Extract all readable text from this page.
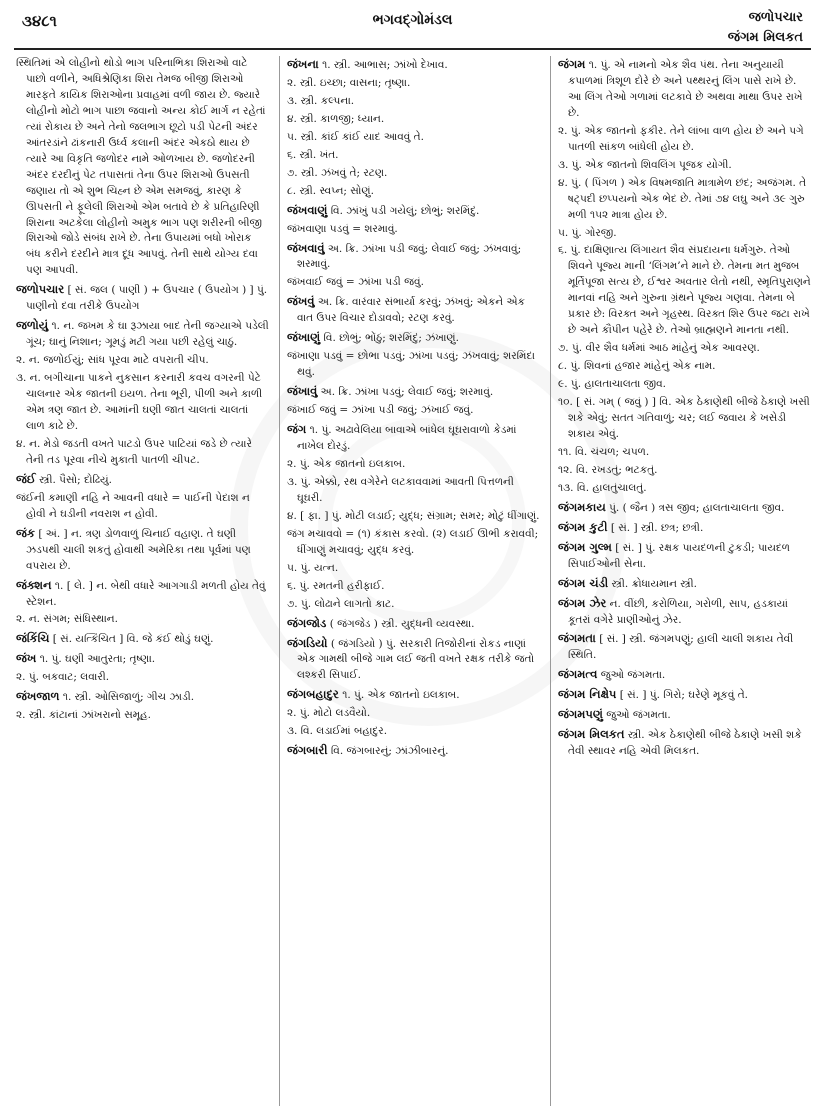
૩૪૮૧	ભગવદ્ગોમંડલ	જળોપચાર
જંગમ મિલકત
સ્થિતિમાં એ લોહીનો થોડો ભાગ પરિનાભિકા શિરાઓ વાટે પાછો વળીને, અધિશ્રેણિકા શિરા તેમજ બીજી શિરાઓ મારફતે કાયિક શિરાઓના પ્રવાહમાં વળી જાય છે. જ્યારે લોહીનો મોટો ભાગ પાછા જવાનો અન્ય કોઈ માર્ગ ન રહેતાં ત્યાં રોકાય છે અને તેનો જલભાગ છૂટો પડી પેટની અંદર આંતરડાંને ઢાંકનારી ઉર્ધ્વ કલાની અંદર એકઠો થાય છે ત્યારે આ વિકૃતિ જળોદર નામે ઓળખાય છે. જળોદરની અંદર દરદીનું પેટ તપાસતાં તેના ઉપર શિરાઓ ઉપસતી જણાય તો એ શુભ ચિહ્ન છે એમ સમજવું, કારણ કે ઊપસતી ને ફૂલેલી શિરાઓ એમ બતાવે છે કે પ્રતિહારિણી શિરાના અટકેલા લોહીનો અમુક ભાગ પણ શરીરની બીજી શિરાઓ જોડે સંબંધ રાખે છે. તેના ઉપાયમાં બધો ખોરાક બંધ કરીને દરદીને માત્ર દૂધ આપવું. તેની સાથે યોગ્ય દવા પણ આપવી.
જળોપચાર [ સં. જલ ( પાણી ) + ઉપચાર ( ઉપયોગ ) ] પું. પાણીનો દવા તરીકે ઉપયોગ
જળોયું ૧. ન. જખમ કે ઘા રૂઝાયા બાદ તેની જગ્યાએ પડેલી ગૂંચ; ઘાનું નિશાન; ગૂમડું મટી ગયા પછી રહેલું ચાઠું.
૨. ન. જળોઈયું; સાંધ પૂરવા માટે વપરાતી ચીપ.
૩. ન. બગીચાના પાકને નુકસાન કરનારી કવચ વગરની પેટે ચાલનાર એક જાતની ઇયળ. તેના ભૂરી, પીળી અને કાળી એમ ત્રણ જાત છે. આમાંની ઘણી જાત ચાલતાં ચાલતાં લાળ કાઢે છે.
૪. ન. મેડો જડતી વખતે પાટડો ઉપર પાટિયાં જડે છે ત્યારે તેની તડ પૂરવા નીચે મુકાતી પાતળી ચીપટ.
જંઈ સ્ત્રી. પૈસો; દોઢિયું.
જંઈની કમાણી નહિ ને આવની વધારે = પાઈની પેદાશ ન હોવી ને ઘડીની નવરાશ ન હોવી.
જંક [ અં. ] ન. ત્રણ ડોળવાળું ચિનાઈ વહાણ. તે ઘણી ઝડપથી ચાલી શકતું હોવાથી અમેરિકા તથા પૂર્વમાં પણ વપરાય છે.
જંક્શન ૧. [ લે. ] ન. બેથી વધારે આગગાડી મળતી હોય તેવું સ્ટેશન.
૨. ન. સંગમ; સંધિસ્થાન.
જંકિંચિ [ સં. યત્કિંચિત ] વિ. જે કંઈ થોડું ઘણું.
જંખ ૧. પું. ઘણી આતુરતા; તૃષ્ણા.
૨. પું. બકવાટ; લવારી.
જંખજાળ ૧. સ્ત્રી. ઓસિજાળું; ગીચ ઝાડી.
૨. સ્ત્રી. કાંટાનાં ઝાંખરાનો સમૂહ.
જંખના ૧. સ્ત્રી. આભાસ; ઝાંખો દેખાવ.
૨. સ્ત્રી. ઇચ્છા; વાસના; તૃષ્ણા.
૩. સ્ત્રી. કલ્પના.
૪. સ્ત્રી. કાળજી; ધ્યાન.
૫. સ્ત્રી. કાંઈ કાંઈ યાદ આવવું તે.
૬. સ્ત્રી. ખંત.
૭. સ્ત્રી. ઝંખવું તે; રટણ.
૮. સ્ત્રી. સ્વપ્ન; સોણું.
જંખવાણું વિ. ઝાંખું પડી ગયેલું; છોભું; શરમિંદું.
જંખવાણા પડવું = શરમાવું.
જંખવાવું અ. ક્રિ. ઝાંખા પડી જવું; લેવાઈ જવું; ઝંખવાવું; શરમાવું.
જંખવાઈ જવું = ઝાંખા પડી જવું.
જંખવું અ. ક્રિ. વારંવાર સંભાર્યા કરવું; ઝંખવું; એકને એક વાત ઉપર વિચાર દોડાવવો; રટણ કરવું.
જંખાણું વિ. છોભું; ભોંઠું; શરમિંદું; ઝંખાણું.
જંખાણા પડવું = છોભા પડવું; ઝાંખા પડવું; ઝંખવાવું; શરમિંદા થવું.
જંખાવું અ. ક્રિ. ઝાંખા પડવું; લેવાઈ જવું; શરમાવું.
જંખાઈ જવું = ઝાંખા પડી જવું; ઝંખાઈ જવું.
જંગ ૧. પું. અઢાવેલિયા બાવાએ બાંધેલ ઘૂઘરાવાળો કેડમાં નાખેલ દોરડું.
૨. પું. એક જાતનો ઇલકાબ.
૩. પું. એક્કો, રથ વગેરેને લટકાવવામાં આવતી પિત્તળની ઘૂઘરી.
૪. [ ફા. ] પું. મોટી લડાઈ; યુદ્ધ; સંગ્રામ; સમર; મોટું ધીંગાણું.
જંગ મચાવવો = (૧) કંકાસ કરવો. (૨) લડાઈ ઊભી કરાવવી; ધીંગાણું મચાવવું; યુદ્ધ કરવું.
૫. પું. યત્ન.
૬. પું. રમતની હરીફાઈ.
૭. પું. લોઢાને લાગતો કાટ.
જંગજોડ ( જંગજેડ ) સ્ત્રી. યુદ્ધની વ્યવસ્થા.
જંગડિયો ( જંગડિયો ) પું. સરકારી તિજોરીનાં રોકડ નાણાં એક ગામથી બીજે ગામ લઈ જતી વખતે રક્ષક તરીકે જતો લશ્કરી સિપાઈ.
જંગબહાદુર ૧. પું. એક જાતનો ઇલકાબ.
૨. પું. મોટો લડવૈયો.
૩. વિ. લડાઈમાં બહાદુર.
જંગબારી વિ. જંગબારનું; ઝાંઝીબારનું.
જંગમ ૧. પું. એ નામનો એક શૈવ પંથ. તેના અનુયાયી કપાળમાં ત્રિશૂળ દોરે છે અને પથ્થરનું લિંગ પાસે રાખે છે. આ લિંગ તેઓ ગળામાં લટકાવે છે અથવા માથા ઉપર રાખે છે.
૨. પું. એક જાતનો ફકીર. તેને લાંબા વાળ હોય છે અને પગે પાતળી સાંકળ બાંધેલી હોય છે.
૩. પું. એક જાતનો શિવલિંગ પૂજક યોગી.
૪. પું. ( પિંગળ ) એક વિષમજાતિ માત્રામેળ છંદ; અજંગમ. તે ષટ્પદી છપ્પયનો એક ભેદ છે. તેમાં ૭૪ લઘુ અને ૩૯ ગુરુ મળી ૧૫૨ માત્રા હોય છે.
૫. પું. ગોરજી.
૬. પું. દાક્ષિણાત્ય લિંગાયત શૈવ સંપ્રદાયના ધર્મગુરુ. તેઓ શિવને પૂજ્ય માની ‘લિંગમ’ને માને છે. તેમના મત મુજબ મૂર્તિપૂજા સત્ય છે, ઈશ્વર અવતાર લેતો નથી, સ્મૃતિપુરાણને માનવાં નહિ અને ગુરુના ગ્રંથને પૂજ્ય ગણવા. તેમના બે પ્રકાર છે: વિરક્ત અને ગૃહસ્થ. વિરક્ત શિર ઉપર જટા રાખે છે અને કૌપીન પહેરે છે. તેઓ બ્રાહ્મણને માનતા નથી.
૭. પું. વીર શૈવ ધર્મમાં આઠ માંહેનું એક આવરણ.
૮. પું. શિવનાં હજાર માંહેનું એક નામ.
૯. પું. હાલતાચાલતા જીવ.
૧૦. [ સં. ગમ્ ( જવું ) ] વિ. એક ઠેકાણેથી બીજે ઠેકાણે ખસી શકે એવું; સતત ગતિવાળું; ચર; લઈ જવાય કે ખસેડી શકાય એવું.
૧૧. વિ. ચંચળ; ચપળ.
૧૨. વિ. રખડતું; ભટકતું.
૧૩. વિ. હાલતુંચાલતું.
જંગમકાય પું. ( જૈન ) ત્રસ જીવ; હાલતાચાલતા જીવ.
જંગમ કુટી [ સં. ] સ્ત્રી. છત્ર; છત્રી.
જંગમ ગુલ્મ [ સં. ] પું. રક્ષક પાયદળની ટુકડી; પાયદળ સિપાઈઓની સેના.
જંગમ ચંડી સ્ત્રી. ક્રોધાયમાન સ્ત્રી.
જંગમ ઝેર ન. વીંછી, કરોળિયા, ગરોળી, સાપ, હડકાયાં કૂતરાં વગેરે પ્રાણીઓનું ઝેર.
જંગમતા [ સં. ] સ્ત્રી. જંગમપણું; હાલી ચાલી શકાય તેવી સ્થિતિ.
જંગમત્વ જુઓ જંગમતા.
જંગમ નિક્ષેપ [ સં. ] પું. ગિરો; ઘરેણે મૂકવું તે.
જંગમપણું જુઓ જંગમતા.
જંગમ મિલકત સ્ત્રી. એક ઠેકાણેથી બીજે ઠેકાણે ખસી શકે તેવી સ્થાવર નહિ એવી મિલકત.
